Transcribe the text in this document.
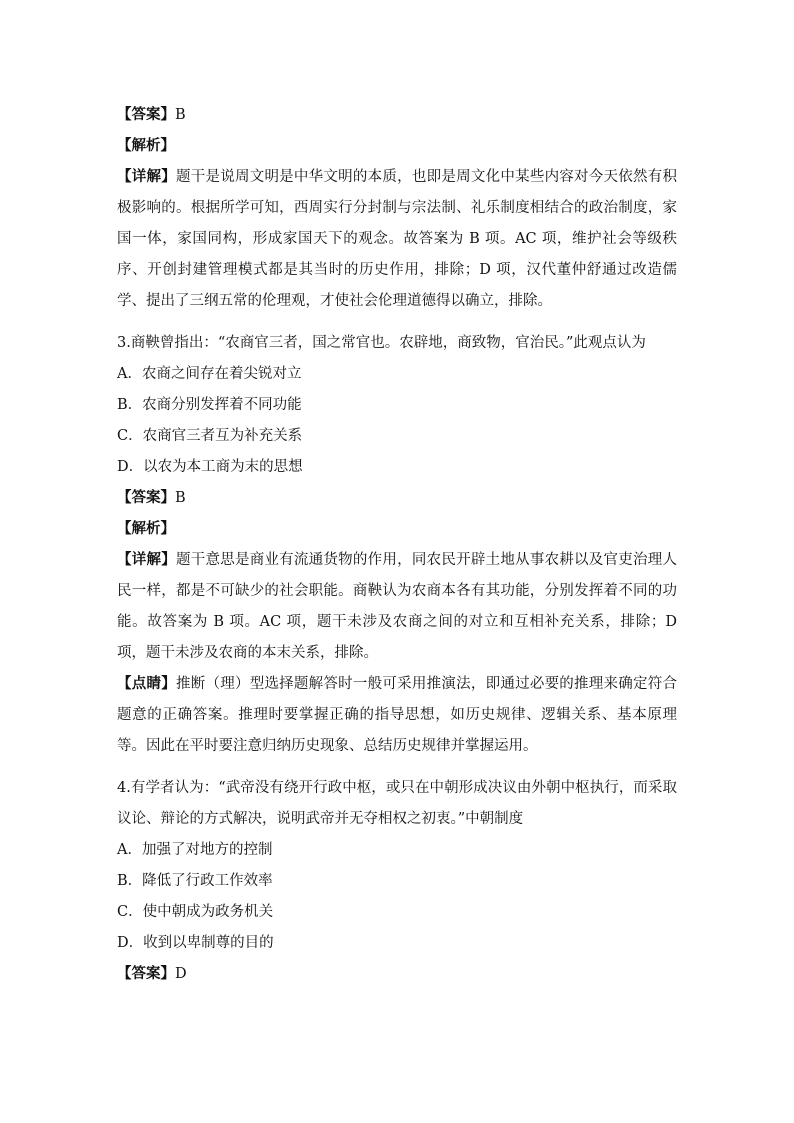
【答案】B
【解析】
【详解】题干是说周文明是中华文明的本质，也即是周文化中某些内容对今天依然有积极影响的。根据所学可知，西周实行分封制与宗法制、礼乐制度相结合的政治制度，家国一体，家国同构，形成家国天下的观念。故答案为 B 项。AC 项，维护社会等级秩序、开创封建管理模式都是其当时的历史作用，排除；D 项，汉代董仲舒通过改造儒学、提出了三纲五常的伦理观，才使社会伦理道德得以确立，排除。
3.商鞅曾指出：“农商官三者，国之常官也。农辟地，商致物，官治民。”此观点认为
A．农商之间存在着尖锐对立
B．农商分别发挥着不同功能
C．农商官三者互为补充关系
D．以农为本工商为末的思想
【答案】B
【解析】
【详解】题干意思是商业有流通货物的作用，同农民开辟土地从事农耕以及官吏治理人民一样，都是不可缺少的社会职能。商鞅认为农商本各有其功能，分别发挥着不同的功能。故答案为 B 项。AC 项，题干未涉及农商之间的对立和互相补充关系，排除；D 项，题干未涉及农商的本末关系，排除。
【点睛】推断（理）型选择题解答时一般可采用推演法，即通过必要的推理来确定符合题意的正确答案。推理时要掌握正确的指导思想，如历史规律、逻辑关系、基本原理等。因此在平时要注意归纳历史现象、总结历史规律并掌握运用。
4.有学者认为：“武帝没有绕开行政中枢，或只在中朝形成决议由外朝中枢执行，而采取议论、辩论的方式解决，说明武帝并无夺相权之初衷。”中朝制度
A．加强了对地方的控制
B．降低了行政工作效率
C．使中朝成为政务机关
D．收到以卑制尊的目的
【答案】D
